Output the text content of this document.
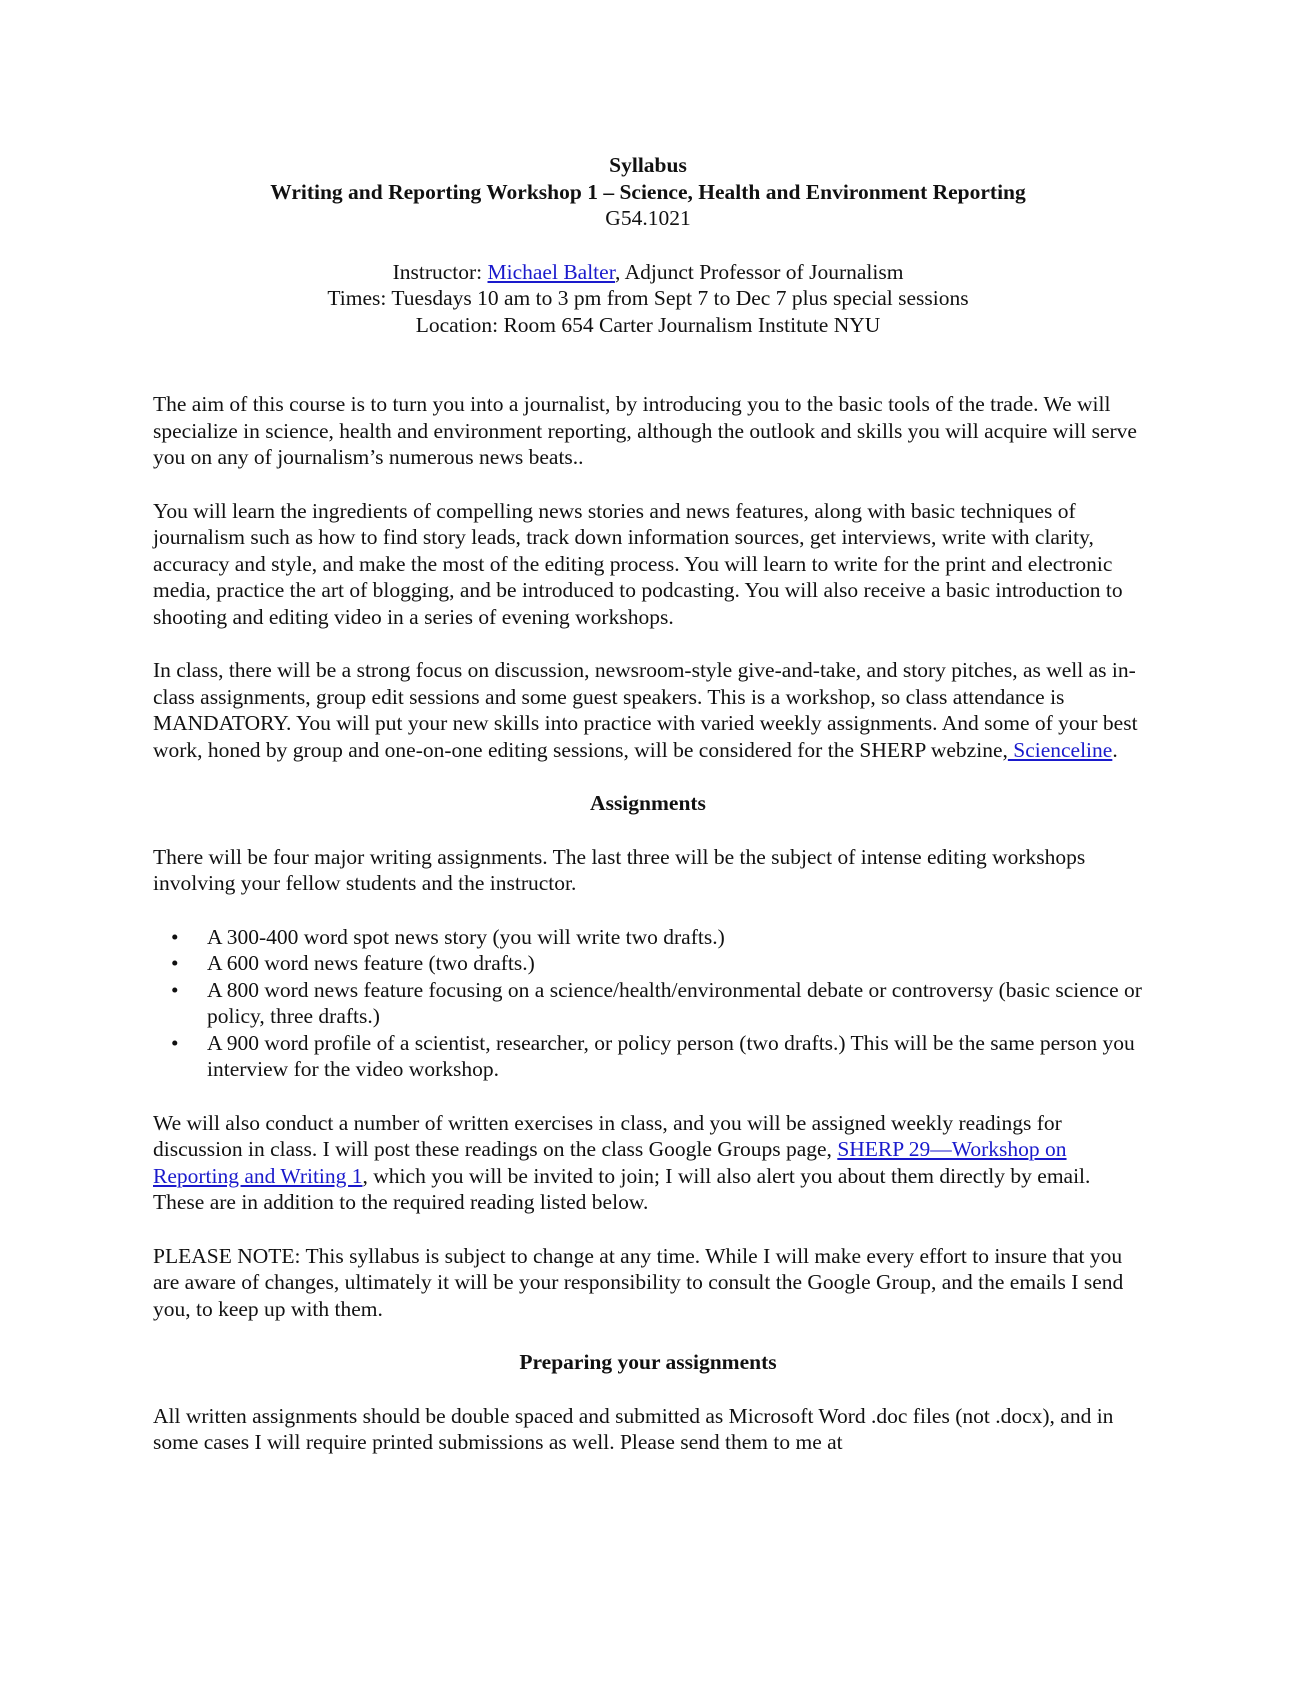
Syllabus
Writing and Reporting Workshop 1 – Science, Health and Environment Reporting
G54.1021
Instructor: Michael Balter, Adjunct Professor of Journalism
Times: Tuesdays 10 am to 3 pm from Sept 7 to Dec 7 plus special sessions
Location: Room 654 Carter Journalism Institute NYU

The aim of this course is to turn you into a journalist, by introducing you to the basic tools of the trade. We will specialize in science, health and environment reporting, although the outlook and skills you will acquire will serve you on any of journalism’s numerous news beats..

You will learn the ingredients of compelling news stories and news features, along with basic techniques of journalism such as how to find story leads, track down information sources, get interviews, write with clarity, accuracy and style, and make the most of the editing process. You will learn to write for the print and electronic media, practice the art of blogging, and be introduced to podcasting. You will also receive a basic introduction to shooting and editing video in a series of evening workshops.

In class, there will be a strong focus on discussion, newsroom-style give-and-take, and story pitches, as well as in-class assignments, group edit sessions and some guest speakers. This is a workshop, so class attendance is MANDATORY. You will put your new skills into practice with varied weekly assignments. And some of your best work, honed by group and one-on-one editing sessions, will be considered for the SHERP webzine, Scienceline.

Assignments

There will be four major writing assignments. The last three will be the subject of intense editing workshops involving your fellow students and the instructor.

• A 300-400 word spot news story (you will write two drafts.)
• A 600 word news feature (two drafts.)
• A 800 word news feature focusing on a science/health/environmental debate or controversy (basic science or policy, three drafts.)
• A 900 word profile of a scientist, researcher, or policy person (two drafts.) This will be the same person you interview for the video workshop.

We will also conduct a number of written exercises in class, and you will be assigned weekly readings for discussion in class. I will post these readings on the class Google Groups page, SHERP 29—Workshop on Reporting and Writing 1, which you will be invited to join; I will also alert you about them directly by email. These are in addition to the required reading listed below.

PLEASE NOTE: This syllabus is subject to change at any time. While I will make every effort to insure that you are aware of changes, ultimately it will be your responsibility to consult the Google Group, and the emails I send you, to keep up with them.

Preparing your assignments

All written assignments should be double spaced and submitted as Microsoft Word .doc files (not .docx), and in some cases I will require printed submissions as well. Please send them to me at
